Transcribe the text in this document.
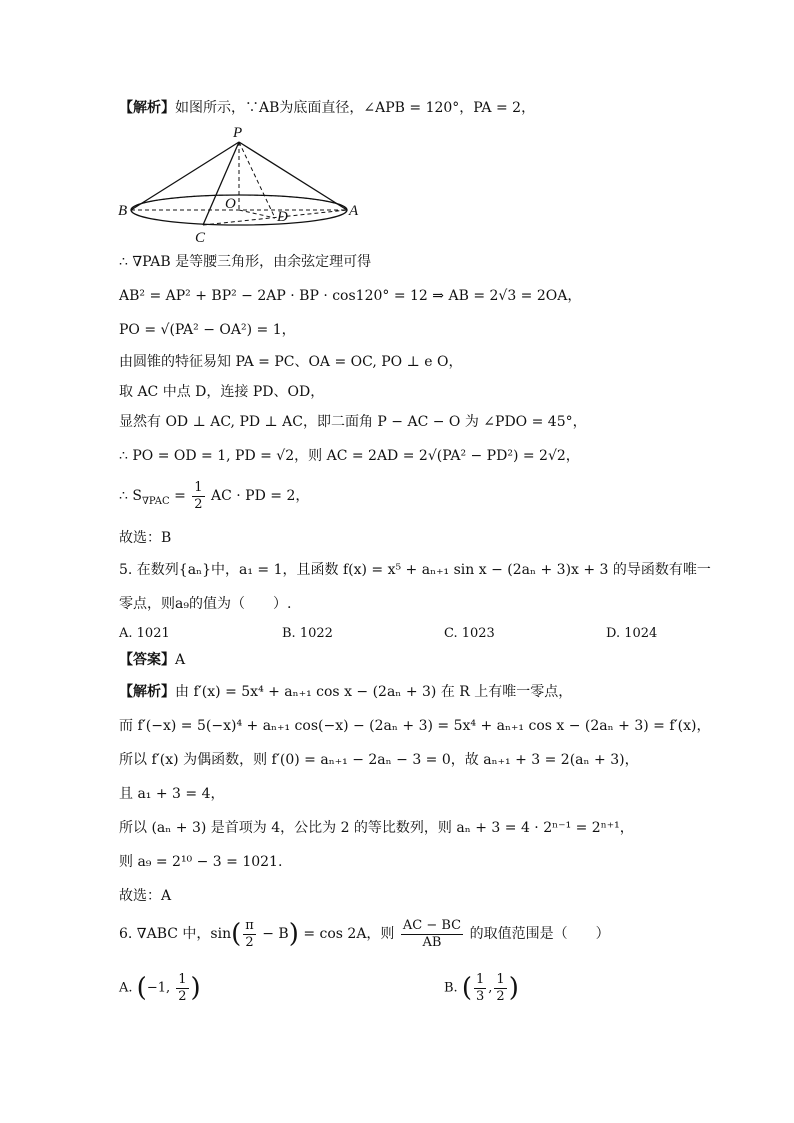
【解析】如图所示，∵AB为底面直径，∠APB = 120°，PA = 2，
P
O
B	A
C
D
∴ ∇PAB 是等腰三角形，由余弦定理可得
AB² = AP² + BP² − 2AP · BP · cos120° = 12 ⇒ AB = 2√3 = 2OA，
PO = √(PA² − OA²) = 1，
由圆锥的特征易知 PA = PC、OA = OC, PO ⊥ e O，
取 AC 中点 D，连接 PD、OD，
显然有 OD ⊥ AC, PD ⊥ AC，即二面角 P − AC − O 为 ∠PDO = 45°，
∴ PO = OD = 1, PD = √2，则 AC = 2AD = 2√(PA² − PD²) = 2√2，
∴ $S_{\nabla PAC} = \frac{1}{2}$ AC · PD = 2，
故选：B
5. 在数列{aₙ}中，a₁ = 1，且函数 f(x) = x⁵ + aₙ₊₁ sin x − (2aₙ + 3)x + 3 的导函数有唯一
零点，则a₉的值为（　　）.
A. 1021	B. 1022	C. 1023	D. 1024
【答案】A
【解析】由 f′(x) = 5x⁴ + aₙ₊₁ cos x − (2aₙ + 3) 在 R 上有唯一零点，
而 f′(−x) = 5(−x)⁴ + aₙ₊₁ cos(−x) − (2aₙ + 3) = 5x⁴ + aₙ₊₁ cos x − (2aₙ + 3) = f′(x)，
所以 f′(x) 为偶函数，则 f′(0) = aₙ₊₁ − 2aₙ − 3 = 0，故 aₙ₊₁ + 3 = 2(aₙ + 3)，
且 a₁ + 3 = 4，
所以 (aₙ + 3) 是首项为 4，公比为 2 的等比数列，则 aₙ + 3 = 4 · 2ⁿ⁻¹ = 2ⁿ⁺¹，
则 a₉ = 2¹⁰ − 3 = 1021.
故选：A
6. ∇ABC 中，$\sin( \frac{\pi}{2} - B) = \cos 2A$，则 $\frac{AC - BC}{AB}$ 的取值范围是（　　）
A. (−1, $\frac{1}{2}$ )	B. ( $\frac{1}{3}$ , $\frac{1}{2}$ )
